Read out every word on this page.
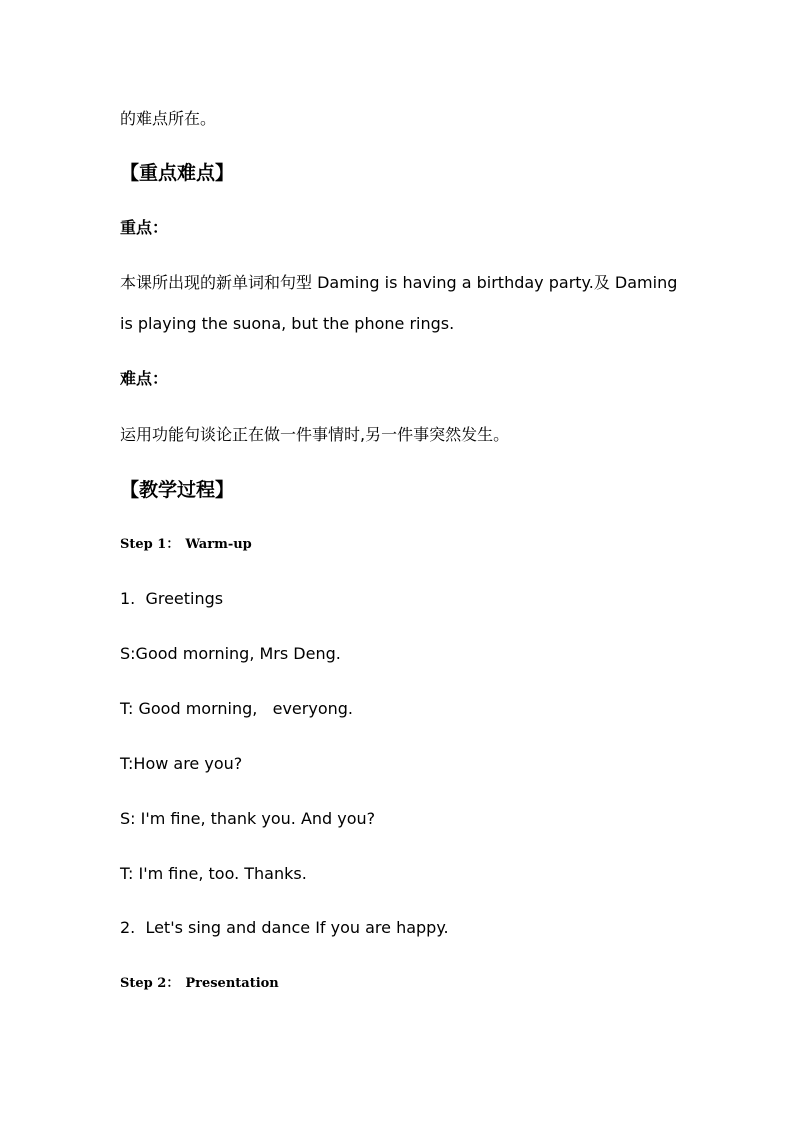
的难点所在。
【重点难点】
重点：
本课所出现的新单词和句型 Daming is having a birthday party.及 Daming
is playing the suona, but the phone rings.
难点：
运用功能句谈论正在做一件事情时,另一件事突然发生。
【教学过程】
Step 1： Warm-up
1.  Greetings
S:Good morning, Mrs Deng.
T: Good morning,   everyong.
T:How are you?
S: I'm fine, thank you. And you?
T: I'm fine, too. Thanks.
2.  Let's sing and dance If you are happy.
Step 2： Presentation
